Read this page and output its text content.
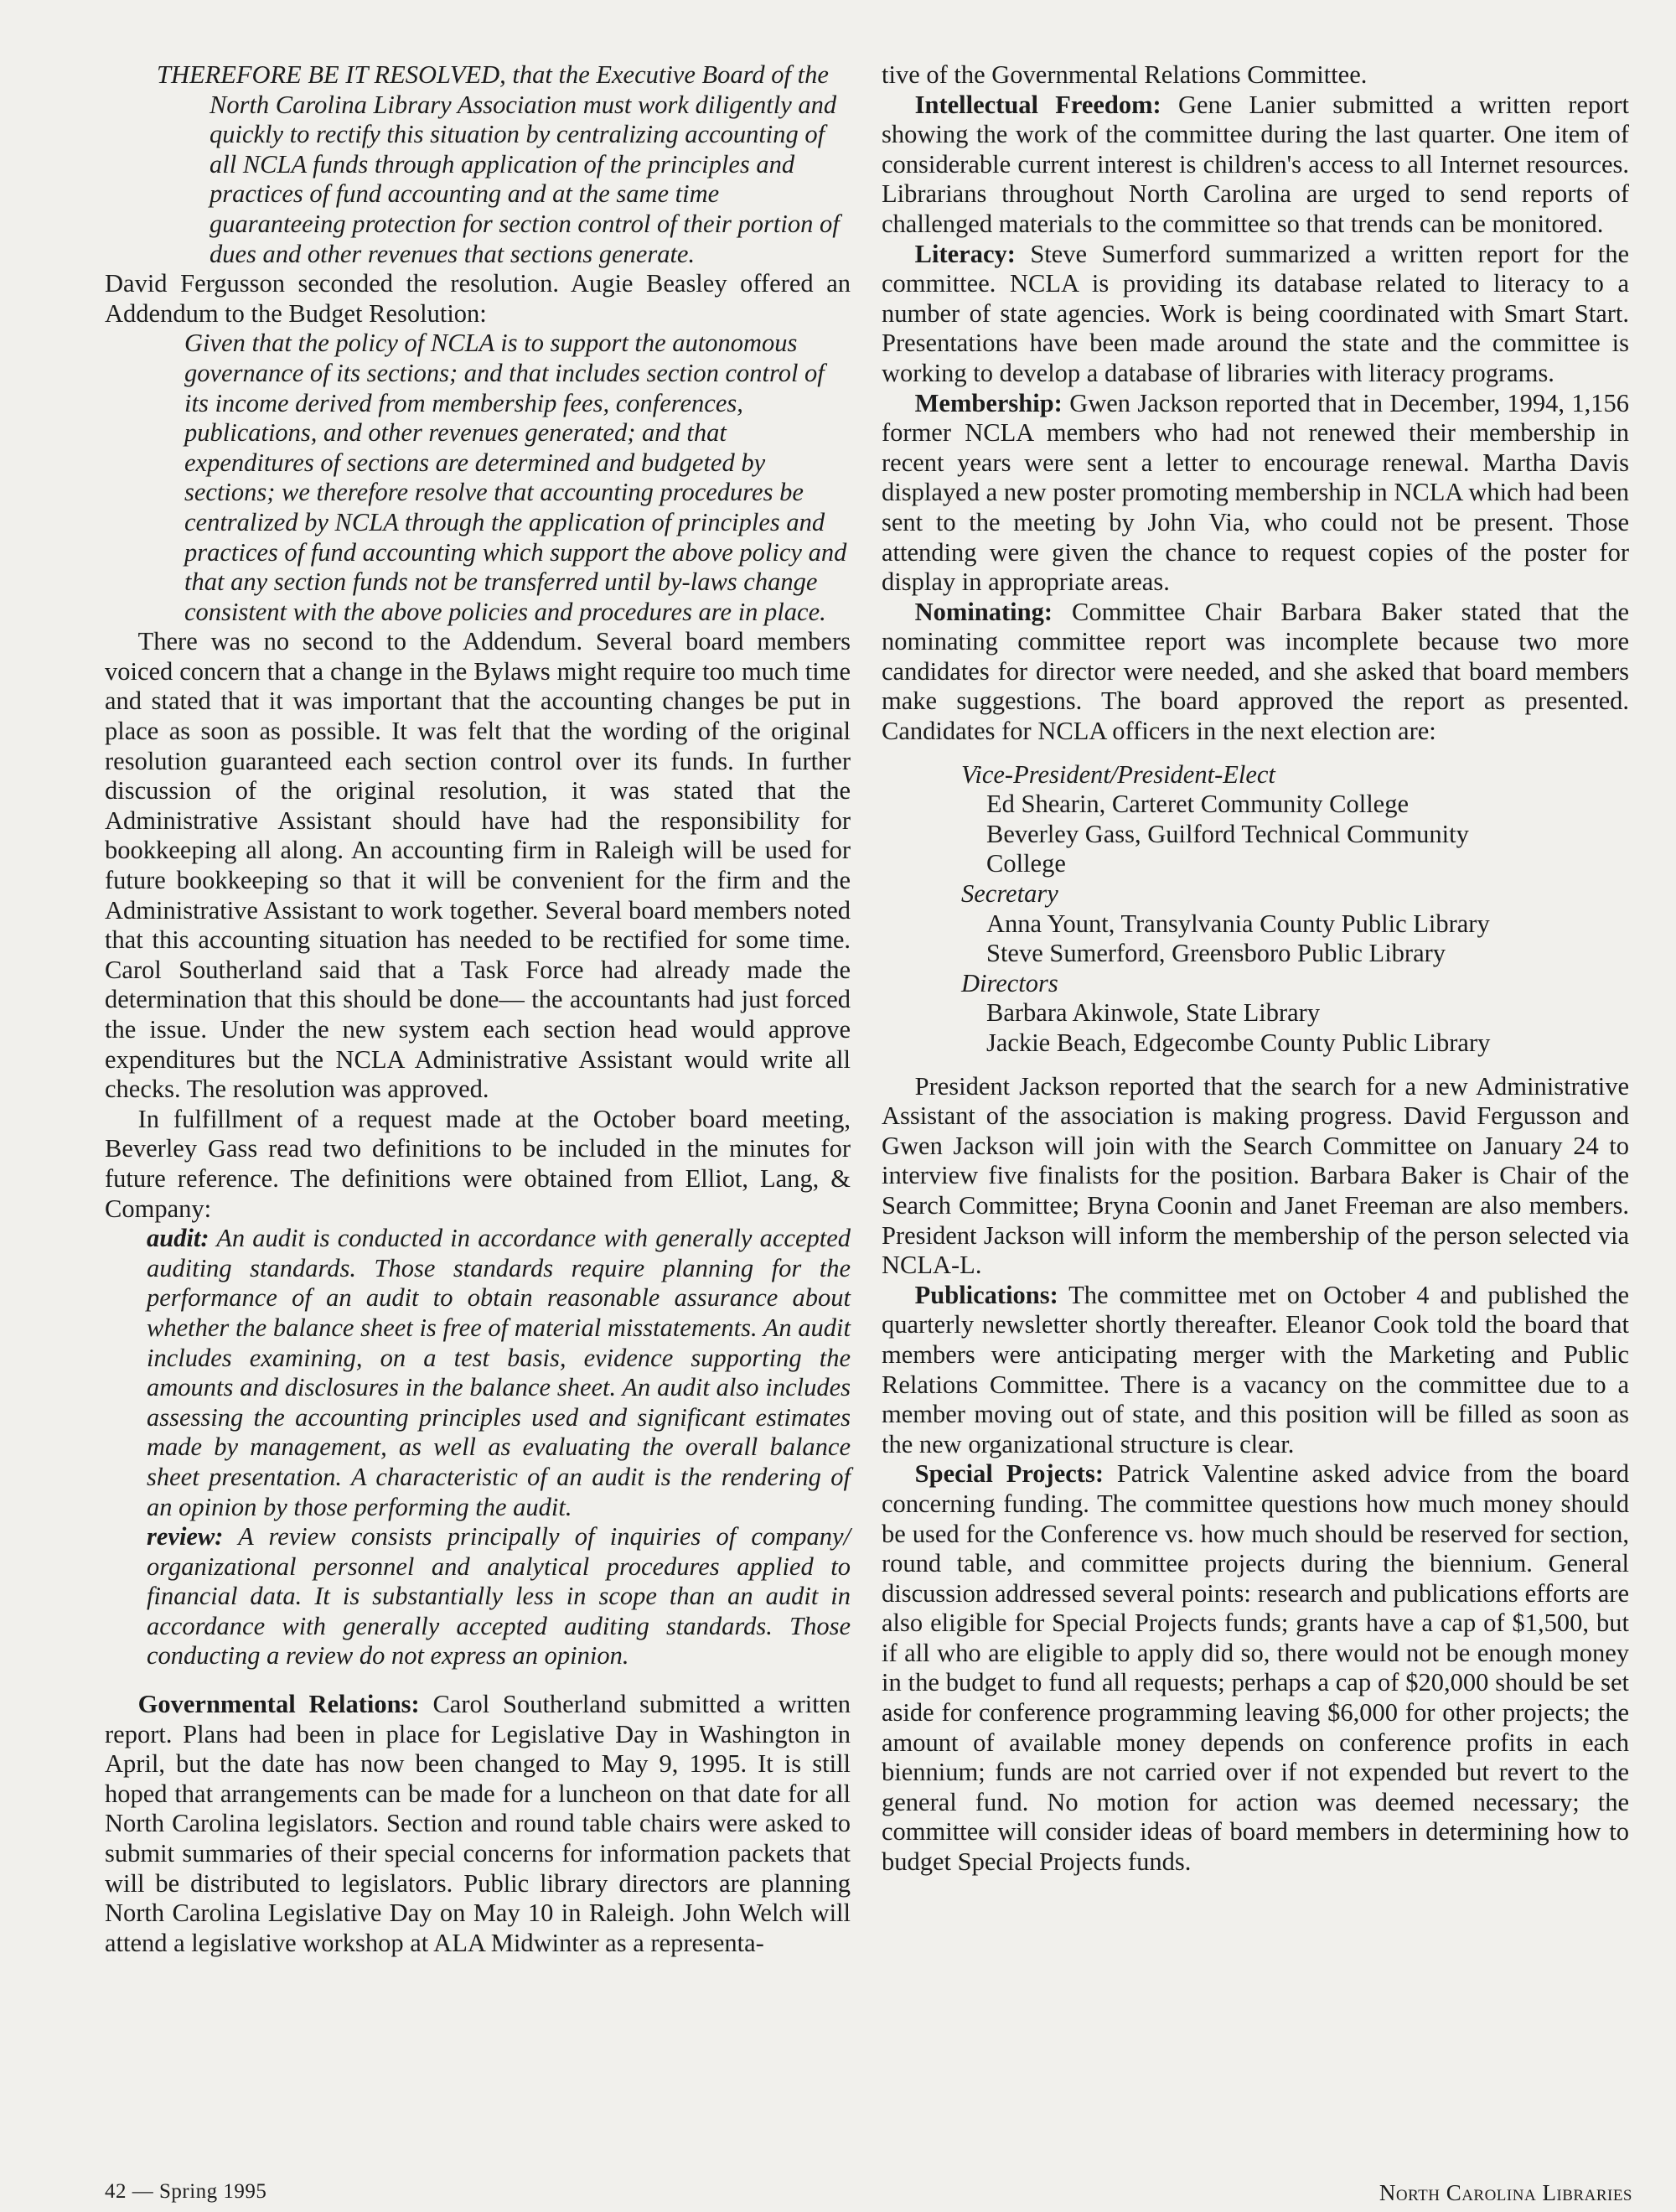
THEREFORE BE IT RESOLVED, that the Executive Board of the North Carolina Library Association must work diligently and quickly to rectify this situation by centralizing accounting of all NCLA funds through application of the principles and practices of fund accounting and at the same time guaranteeing protection for section control of their portion of dues and other revenues that sections generate.

David Fergusson seconded the resolution. Augie Beasley offered an Addendum to the Budget Resolution:

Given that the policy of NCLA is to support the autonomous governance of its sections; and that includes section control of its income derived from membership fees, conferences, publications, and other revenues generated; and that expenditures of sections are determined and budgeted by sections; we therefore resolve that accounting procedures be centralized by NCLA through the application of principles and practices of fund accounting which support the above policy and that any section funds not be transferred until by-laws change consistent with the above policies and procedures are in place.

There was no second to the Addendum. Several board members voiced concern that a change in the Bylaws might require too much time and stated that it was important that the accounting changes be put in place as soon as possible. It was felt that the wording of the original resolution guaranteed each section control over its funds. In further discussion of the original resolution, it was stated that the Administrative Assistant should have had the responsibility for bookkeeping all along. An accounting firm in Raleigh will be used for future bookkeeping so that it will be convenient for the firm and the Administrative Assistant to work together. Several board members noted that this accounting situation has needed to be rectified for some time. Carol Southerland said that a Task Force had already made the determination that this should be done— the accountants had just forced the issue. Under the new system each section head would approve expenditures but the NCLA Administrative Assistant would write all checks. The resolution was approved.

In fulfillment of a request made at the October board meeting, Beverley Gass read two definitions to be included in the minutes for future reference. The definitions were obtained from Elliot, Lang, & Company:

audit: An audit is conducted in accordance with generally accepted auditing standards. Those standards require planning for the performance of an audit to obtain reasonable assurance about whether the balance sheet is free of material misstatements. An audit includes examining, on a test basis, evidence supporting the amounts and disclosures in the balance sheet. An audit also includes assessing the accounting principles used and significant estimates made by management, as well as evaluating the overall balance sheet presentation. A characteristic of an audit is the rendering of an opinion by those performing the audit.

review: A review consists principally of inquiries of company/ organizational personnel and analytical procedures applied to financial data. It is substantially less in scope than an audit in accordance with generally accepted auditing standards. Those conducting a review do not express an opinion.

Governmental Relations: Carol Southerland submitted a written report. Plans had been in place for Legislative Day in Washington in April, but the date has now been changed to May 9, 1995. It is still hoped that arrangements can be made for a luncheon on that date for all North Carolina legislators. Section and round table chairs were asked to submit summaries of their special concerns for information packets that will be distributed to legislators. Public library directors are planning North Carolina Legislative Day on May 10 in Raleigh. John Welch will attend a legislative workshop at ALA Midwinter as a representa-

tive of the Governmental Relations Committee.

Intellectual Freedom: Gene Lanier submitted a written report showing the work of the committee during the last quarter. One item of considerable current interest is children's access to all Internet resources. Librarians throughout North Carolina are urged to send reports of challenged materials to the committee so that trends can be monitored.

Literacy: Steve Sumerford summarized a written report for the committee. NCLA is providing its database related to literacy to a number of state agencies. Work is being coordinated with Smart Start. Presentations have been made around the state and the committee is working to develop a database of libraries with literacy programs.

Membership: Gwen Jackson reported that in December, 1994, 1,156 former NCLA members who had not renewed their membership in recent years were sent a letter to encourage renewal. Martha Davis displayed a new poster promoting membership in NCLA which had been sent to the meeting by John Via, who could not be present. Those attending were given the chance to request copies of the poster for display in appropriate areas.

Nominating: Committee Chair Barbara Baker stated that the nominating committee report was incomplete because two more candidates for director were needed, and she asked that board members make suggestions. The board approved the report as presented. Candidates for NCLA officers in the next election are:

Vice-President/President-Elect

Ed Shearin, Carteret Community College

Beverley Gass, Guilford Technical Community

College

Secretary

Anna Yount, Transylvania County Public Library

Steve Sumerford, Greensboro Public Library

Directors

Barbara Akinwole, State Library

Jackie Beach, Edgecombe County Public Library

President Jackson reported that the search for a new Administrative Assistant of the association is making progress. David Fergusson and Gwen Jackson will join with the Search Committee on January 24 to interview five finalists for the position. Barbara Baker is Chair of the Search Committee; Bryna Coonin and Janet Freeman are also members. President Jackson will inform the membership of the person selected via NCLA-L.

Publications: The committee met on October 4 and published the quarterly newsletter shortly thereafter. Eleanor Cook told the board that members were anticipating merger with the Marketing and Public Relations Committee. There is a vacancy on the committee due to a member moving out of state, and this position will be filled as soon as the new organizational structure is clear.

Special Projects: Patrick Valentine asked advice from the board concerning funding. The committee questions how much money should be used for the Conference vs. how much should be reserved for section, round table, and committee projects during the biennium. General discussion addressed several points: research and publications efforts are also eligible for Special Projects funds; grants have a cap of $1,500, but if all who are eligible to apply did so, there would not be enough money in the budget to fund all requests; perhaps a cap of $20,000 should be set aside for conference programming leaving $6,000 for other projects; the amount of available money depends on conference profits in each biennium; funds are not carried over if not expended but revert to the general fund. No motion for action was deemed necessary; the committee will consider ideas of board members in determining how to budget Special Projects funds.

42 — Spring 1995	North Carolina Libraries
